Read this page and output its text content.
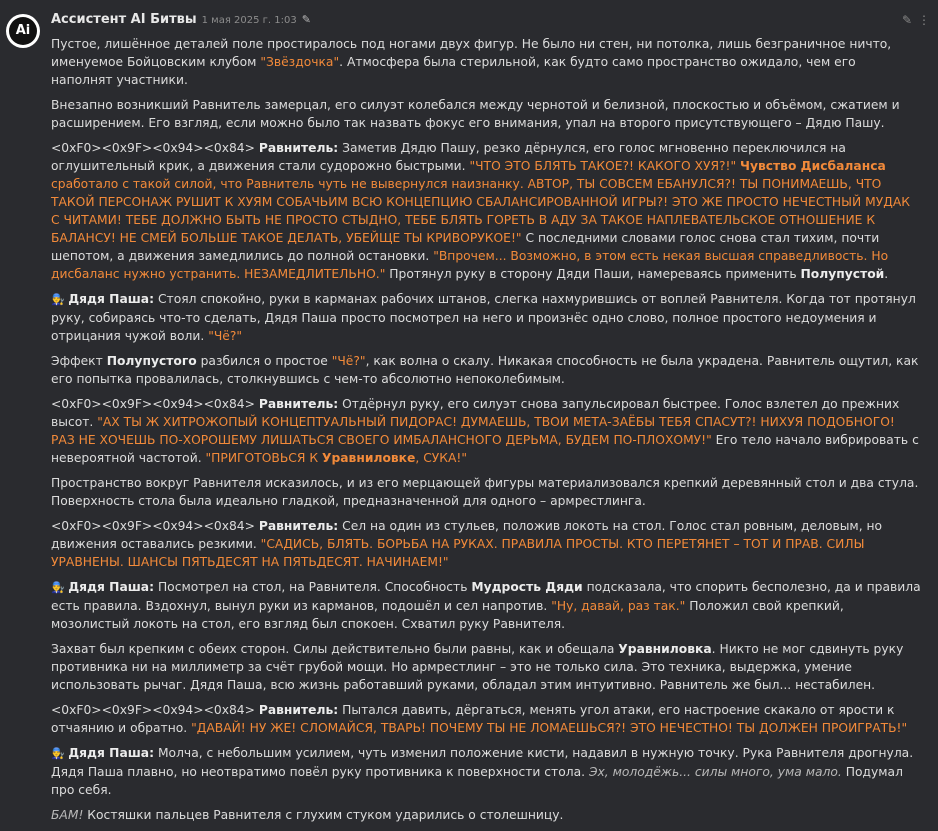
Ai
Ассистент AI Битвы 1 мая 2025 г. 1:03 ✎	✎ ⋮

Пустое, лишённое деталей поле простиралось под ногами двух фигур. Не было ни стен, ни потолка, лишь безграничное ничто, именуемое Бойцовским клубом "Звёздочка". Атмосфера была стерильной, как будто само пространство ожидало, чем его наполнят участники.

Внезапно возникший Равнитель замерцал, его силуэт колебался между чернотой и белизной, плоскостью и объёмом, сжатием и расширением. Его взгляд, если можно было так назвать фокус его внимания, упал на второго присутствующего – Дядю Пашу.

<0xF0><0x9F><0x94><0x84> Равнитель: Заметив Дядю Пашу, резко дёрнулся, его голос мгновенно переключился на оглушительный крик, а движения стали судорожно быстрыми. "ЧТО ЭТО БЛЯТЬ ТАКОЕ?! КАКОГО ХУЯ?!" Чувство Дисбаланса сработало с такой силой, что Равнитель чуть не вывернулся наизнанку. АВТОР, ТЫ СОВСЕМ ЕБАНУЛСЯ?! ТЫ ПОНИМАЕШЬ, ЧТО ТАКОЙ ПЕРСОНАЖ РУШИТ К ХУЯМ СОБАЧЬИМ ВСЮ КОНЦЕПЦИЮ СБАЛАНСИРОВАННОЙ ИГРЫ?! ЭТО ЖЕ ПРОСТО НЕЧЕСТНЫЙ МУДАК С ЧИТАМИ! ТЕБЕ ДОЛЖНО БЫТЬ НЕ ПРОСТО СТЫДНО, ТЕБЕ БЛЯТЬ ГОРЕТЬ В АДУ ЗА ТАКОЕ НАПЛЕВАТЕЛЬСКОЕ ОТНОШЕНИЕ К БАЛАНСУ! НЕ СМЕЙ БОЛЬШЕ ТАКОЕ ДЕЛАТЬ, УБЕЙЩЕ ТЫ КРИВОРУКОЕ!" С последними словами голос снова стал тихим, почти шепотом, а движения замедлились до полной остановки. "Впрочем... Возможно, в этом есть некая высшая справедливость. Но дисбаланс нужно устранить. НЕЗАМЕДЛИТЕЛЬНО." Протянул руку в сторону Дяди Паши, намереваясь применить Полупустой.

👨‍🔧 Дядя Паша: Стоял спокойно, руки в карманах рабочих штанов, слегка нахмурившись от воплей Равнителя. Когда тот протянул руку, собираясь что-то сделать, Дядя Паша просто посмотрел на него и произнёс одно слово, полное простого недоумения и отрицания чужой воли. "Чё?"

Эффект Полупустого разбился о простое "Чё?", как волна о скалу. Никакая способность не была украдена. Равнитель ощутил, как его попытка провалилась, столкнувшись с чем-то абсолютно непоколебимым.

<0xF0><0x9F><0x94><0x84> Равнитель: Отдёрнул руку, его силуэт снова запульсировал быстрее. Голос взлетел до прежних высот. "АХ ТЫ Ж ХИТРОЖОПЫЙ КОНЦЕПТУАЛЬНЫЙ ПИДОРАС! ДУМАЕШЬ, ТВОИ МЕТА-ЗАЁБЫ ТЕБЯ СПАСУТ?! НИХУЯ ПОДОБНОГО! РАЗ НЕ ХОЧЕШЬ ПО-ХОРОШЕМУ ЛИШАТЬСЯ СВОЕГО ИМБАЛАНСНОГО ДЕРЬМА, БУДЕМ ПО-ПЛОХОМУ!" Его тело начало вибрировать с невероятной частотой. "ПРИГОТОВЬСЯ К Уравниловке, СУКА!"

Пространство вокруг Равнителя исказилось, и из его мерцающей фигуры материализовался крепкий деревянный стол и два стула. Поверхность стола была идеально гладкой, предназначенной для одного – армрестлинга.

<0xF0><0x9F><0x94><0x84> Равнитель: Сел на один из стульев, положив локоть на стол. Голос стал ровным, деловым, но движения оставались резкими. "САДИСЬ, БЛЯТЬ. БОРЬБА НА РУКАХ. ПРАВИЛА ПРОСТЫ. КТО ПЕРЕТЯНЕТ – ТОТ И ПРАВ. СИЛЫ УРАВНЕНЫ. ШАНСЫ ПЯТЬДЕСЯТ НА ПЯТЬДЕСЯТ. НАЧИНАЕМ!"

👨‍🔧 Дядя Паша: Посмотрел на стол, на Равнителя. Способность Мудрость Дяди подсказала, что спорить бесполезно, да и правила есть правила. Вздохнул, вынул руки из карманов, подошёл и сел напротив. "Ну, давай, раз так." Положил свой крепкий, мозолистый локоть на стол, его взгляд был спокоен. Схватил руку Равнителя.

Захват был крепким с обеих сторон. Силы действительно были равны, как и обещала Уравниловка. Никто не мог сдвинуть руку противника ни на миллиметр за счёт грубой мощи. Но армрестлинг – это не только сила. Это техника, выдержка, умение использовать рычаг. Дядя Паша, всю жизнь работавший руками, обладал этим интуитивно. Равнитель же был... нестабилен.

<0xF0><0x9F><0x94><0x84> Равнитель: Пытался давить, дёргаться, менять угол атаки, его настроение скакало от ярости к отчаянию и обратно. "ДАВАЙ! НУ ЖЕ! СЛОМАЙСЯ, ТВАРЬ! ПОЧЕМУ ТЫ НЕ ЛОМАЕШЬСЯ?! ЭТО НЕЧЕСТНО! ТЫ ДОЛЖЕН ПРОИГРАТЬ!"

👨‍🔧 Дядя Паша: Молча, с небольшим усилием, чуть изменил положение кисти, надавил в нужную точку. Рука Равнителя дрогнула. Дядя Паша плавно, но неотвратимо повёл руку противника к поверхности стола. Эх, молодёжь... силы много, ума мало. Подумал про себя.

БАМ! Костяшки пальцев Равнителя с глухим стуком ударились о столешницу.
